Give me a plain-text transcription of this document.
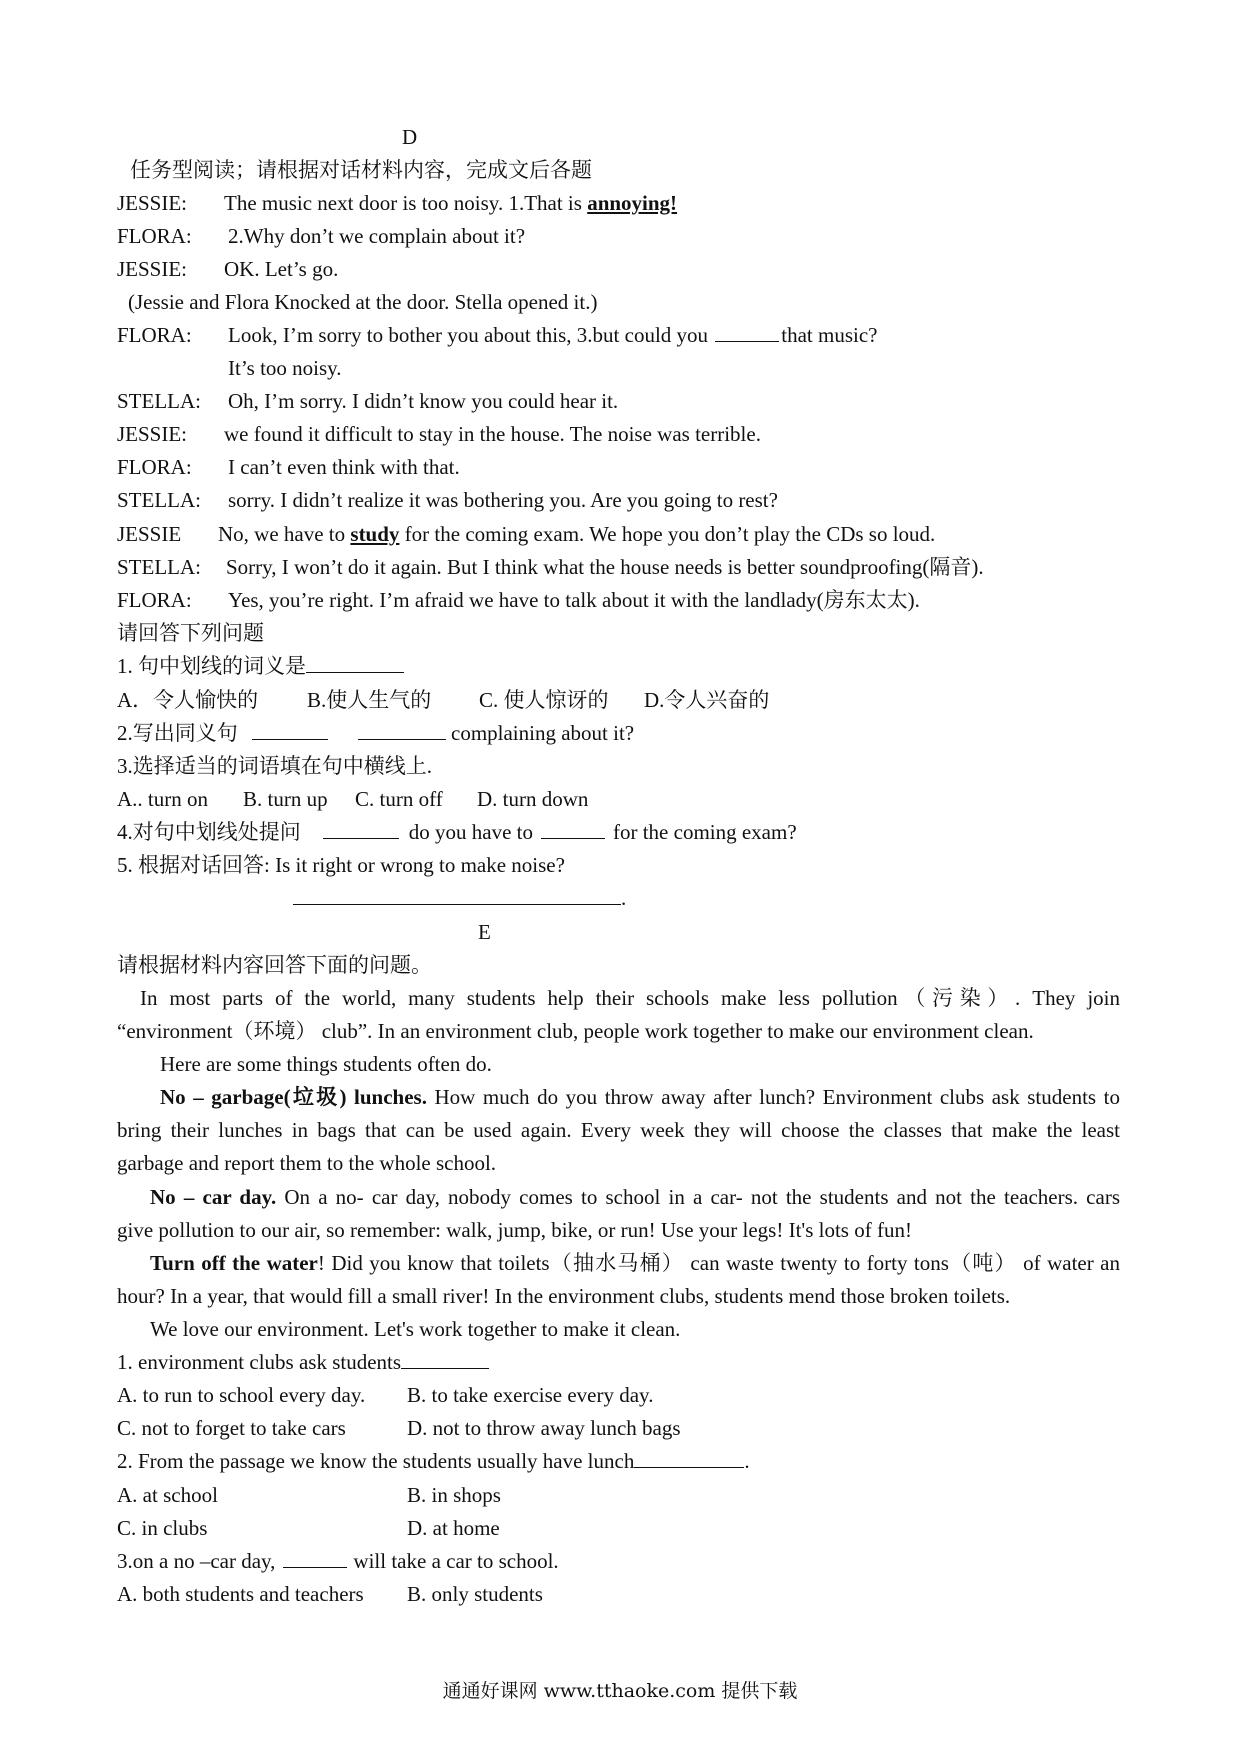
D
任务型阅读；请根据对话材料内容，完成文后各题
JESSIE: The music next door is too noisy. 1.That is annoying!
FLORA: 2.Why don’t we complain about it?
JESSIE: OK. Let’s go.
(Jessie and Flora Knocked at the door. Stella opened it.)
FLORA: Look, I’m sorry to bother you about this, 3.but could you	that music?
It’s too noisy.
STELLA: Oh, I’m sorry. I didn’t know you could hear it.
JESSIE: we found it difficult to stay in the house. The noise was terrible.
FLORA: I can’t even think with that.
STELLA: sorry. I didn’t realize it was bothering you. Are you going to rest?
JESSIE No, we have to study for the coming exam. We hope you don’t play the CDs so loud.
STELLA: Sorry, I won’t do it again. But I think what the house needs is better soundproofing(隔音).
FLORA: Yes, you’re right. I’m afraid we have to talk about it with the landlady(房东太太).
请回答下列问题
1. 句中划线的词义是
A．令人愉快的 B.使人生气的 C. 使人惊讶的 D.令人兴奋的
2.写出同义句	complaining about it?
3.选择适当的词语填在句中横线上.
A.. turn on B. turn up C. turn off D. turn down
4.对句中划线处提问	do you have to	for the coming exam?
5. 根据对话回答: Is it right or wrong to make noise?
.
E
请根据材料内容回答下面的问题。
In most parts of the world, many students help their schools make less pollution（污染）. They join
“environment（环境） club”. In an environment club, people work together to make our environment clean.
Here are some things students often do.
No – garbage(垃圾) lunches. How much do you throw away after lunch? Environment clubs ask students to
bring their lunches in bags that can be used again. Every week they will choose the classes that make the least
garbage and report them to the whole school.
No – car day. On a no- car day, nobody comes to school in a car- not the students and not the teachers. cars
give pollution to our air, so remember: walk, jump, bike, or run! Use your legs! It's lots of fun!
Turn off the water! Did you know that toilets（抽水马桶） can waste twenty to forty tons（吨） of water an
hour? In a year, that would fill a small river! In the environment clubs, students mend those broken toilets.
We love our environment. Let's work together to make it clean.
1. environment clubs ask students
A. to run to school every day. B. to take exercise every day.
C. not to forget to take cars	D. not to throw away lunch bags
2. From the passage we know the students usually have lunch	.
A. at school	B. in shops
C. in clubs	D. at home
3.on a no –car day,	will take a car to school.
A. both students and teachers B. only students
通通好课网 www.tthaoke.com 提供下载
